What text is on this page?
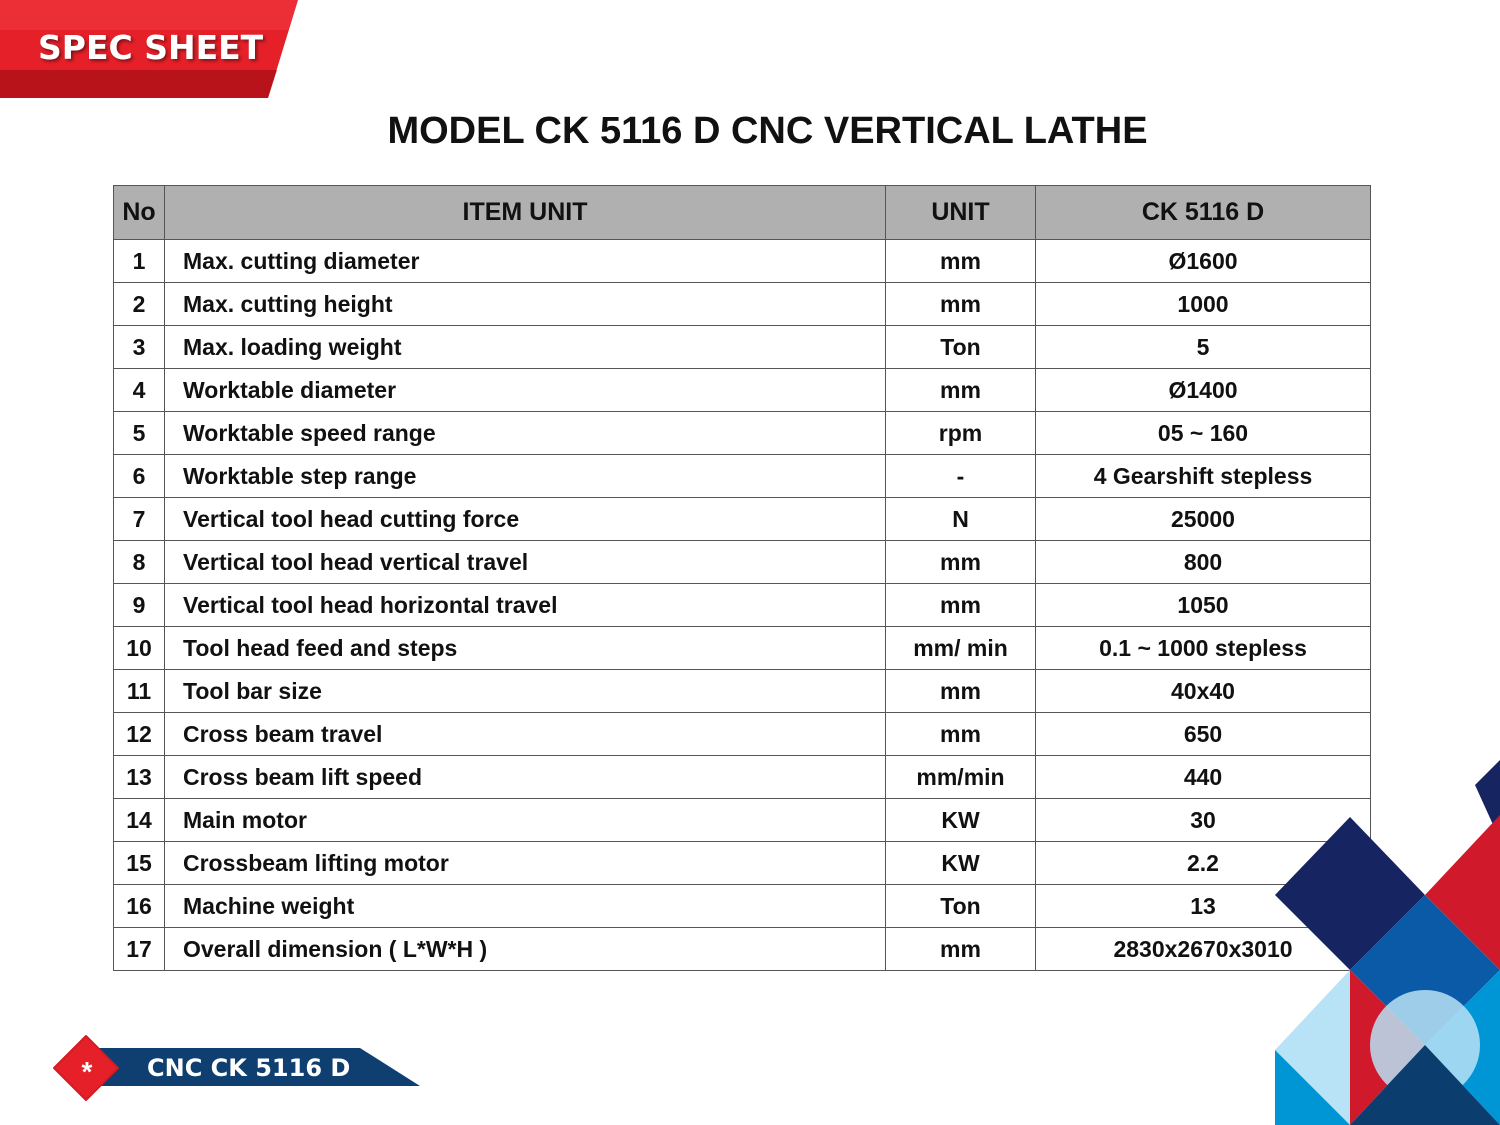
SPEC SHEET
MODEL CK 5116 D CNC VERTICAL LATHE
No	ITEM UNIT	UNIT	CK 5116 D
1	Max. cutting diameter	mm	Ø1600
2	Max. cutting height	mm	1000
3	Max. loading weight	Ton	5
4	Worktable diameter	mm	Ø1400
5	Worktable speed range	rpm	05 ~ 160
6	Worktable step range	-	4 Gearshift stepless
7	Vertical tool head cutting force	N	25000
8	Vertical tool head vertical travel	mm	800
9	Vertical tool head horizontal travel	mm	1050
10	Tool head feed and steps	mm/ min	0.1 ~ 1000 stepless
11	Tool bar size	mm	40x40
12	Cross beam travel	mm	650
13	Cross beam lift speed	mm/min	440
14	Main motor	KW	30
15	Crossbeam lifting motor	KW	2.2
16	Machine weight	Ton	13
17	Overall dimension ( L*W*H )	mm	2830x2670x3010
* CNC CK 5116 D
